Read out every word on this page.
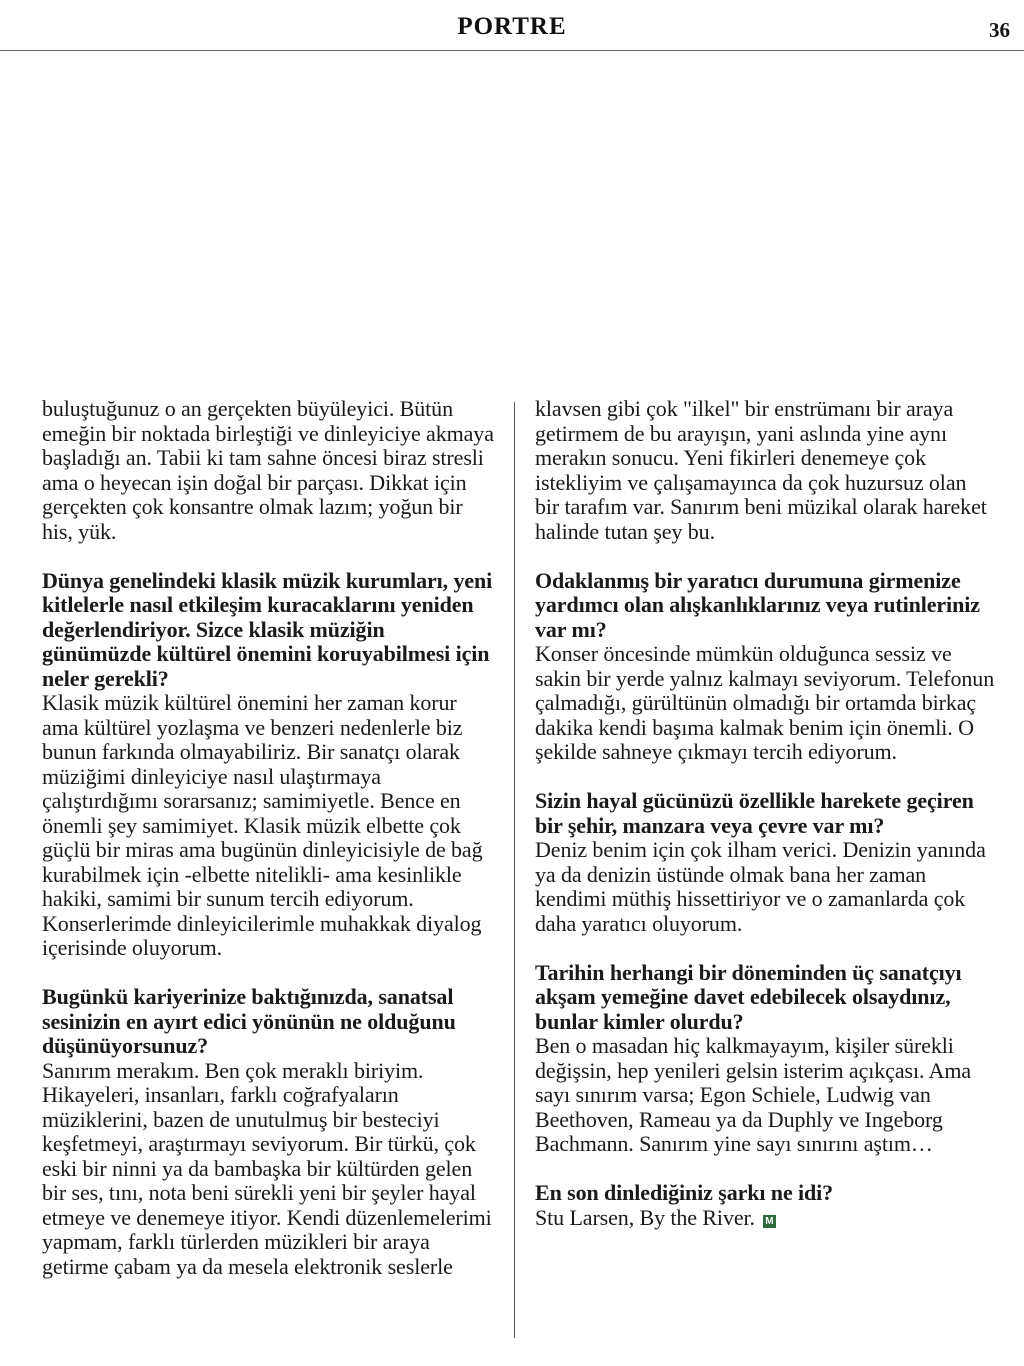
PORTRE	36

buluştuğunuz o an gerçekten büyüleyici. Bütün emeğin bir noktada birleştiği ve dinleyiciye akmaya başladığı an. Tabii ki tam sahne öncesi biraz stresli ama o heyecan işin doğal bir parçası. Dikkat için gerçekten çok konsantre olmak lazım; yoğun bir his, yük.

Dünya genelindeki klasik müzik kurumları, yeni kitlelerle nasıl etkileşim kuracaklarını yeniden değerlendiriyor. Sizce klasik müziğin günümüzde kültürel önemini koruyabilmesi için neler gerekli?

Klasik müzik kültürel önemini her zaman korur ama kültürel yozlaşma ve benzeri nedenlerle biz bunun farkında olmayabiliriz. Bir sanatçı olarak müziğimi dinleyiciye nasıl ulaştırmaya çalıştırdığımı sorarsanız; samimiyetle. Bence en önemli şey samimiyet. Klasik müzik elbette çok güçlü bir miras ama bugünün dinleyicisiyle de bağ kurabilmek için -elbette nitelikli- ama kesinlikle hakiki, samimi bir sunum tercih ediyorum. Konserlerimde dinleyicilerimle muhakkak diyalog içerisinde oluyorum.

Bugünkü kariyerinize baktığınızda, sanatsal sesinizin en ayırt edici yönünün ne olduğunu düşünüyorsunuz?

Sanırım merakım. Ben çok meraklı biriyim. Hikayeleri, insanları, farklı coğrafyaların müziklerini, bazen de unutulmuş bir besteciyi keşfetmeyi, araştırmayı seviyorum. Bir türkü, çok eski bir ninni ya da bambaşka bir kültürden gelen bir ses, tını, nota beni sürekli yeni bir şeyler hayal etmeye ve denemeye itiyor. Kendi düzenlemelerimi yapmam, farklı türlerden müzikleri bir araya getirme çabam ya da mesela elektronik seslerle

klavsen gibi çok "ilkel" bir enstrümanı bir araya getirmem de bu arayışın, yani aslında yine aynı merakın sonucu. Yeni fikirleri denemeye çok istekliyim ve çalışamayınca da çok huzursuz olan bir tarafım var. Sanırım beni müzikal olarak hareket halinde tutan şey bu.

Odaklanmış bir yaratıcı durumuna girmenize yardımcı olan alışkanlıklarınız veya rutinleriniz var mı?

Konser öncesinde mümkün olduğunca sessiz ve sakin bir yerde yalnız kalmayı seviyorum. Telefonun çalmadığı, gürültünün olmadığı bir ortamda birkaç dakika kendi başıma kalmak benim için önemli. O şekilde sahneye çıkmayı tercih ediyorum.

Sizin hayal gücünüzü özellikle harekete geçiren bir şehir, manzara veya çevre var mı?

Deniz benim için çok ilham verici. Denizin yanında ya da denizin üstünde olmak bana her zaman kendimi müthiş hissettiriyor ve o zamanlarda çok daha yaratıcı oluyorum.

Tarihin herhangi bir döneminden üç sanatçıyı akşam yemeğine davet edebilecek olsaydınız, bunlar kimler olurdu?

Ben o masadan hiç kalkmayayım, kişiler sürekli değişsin, hep yenileri gelsin isterim açıkçası. Ama sayı sınırım varsa; Egon Schiele, Ludwig van Beethoven, Rameau ya da Duphly ve Ingeborg Bachmann. Sanırım yine sayı sınırını aştım…

En son dinlediğiniz şarkı ne idi?

Stu Larsen, By the River. M
